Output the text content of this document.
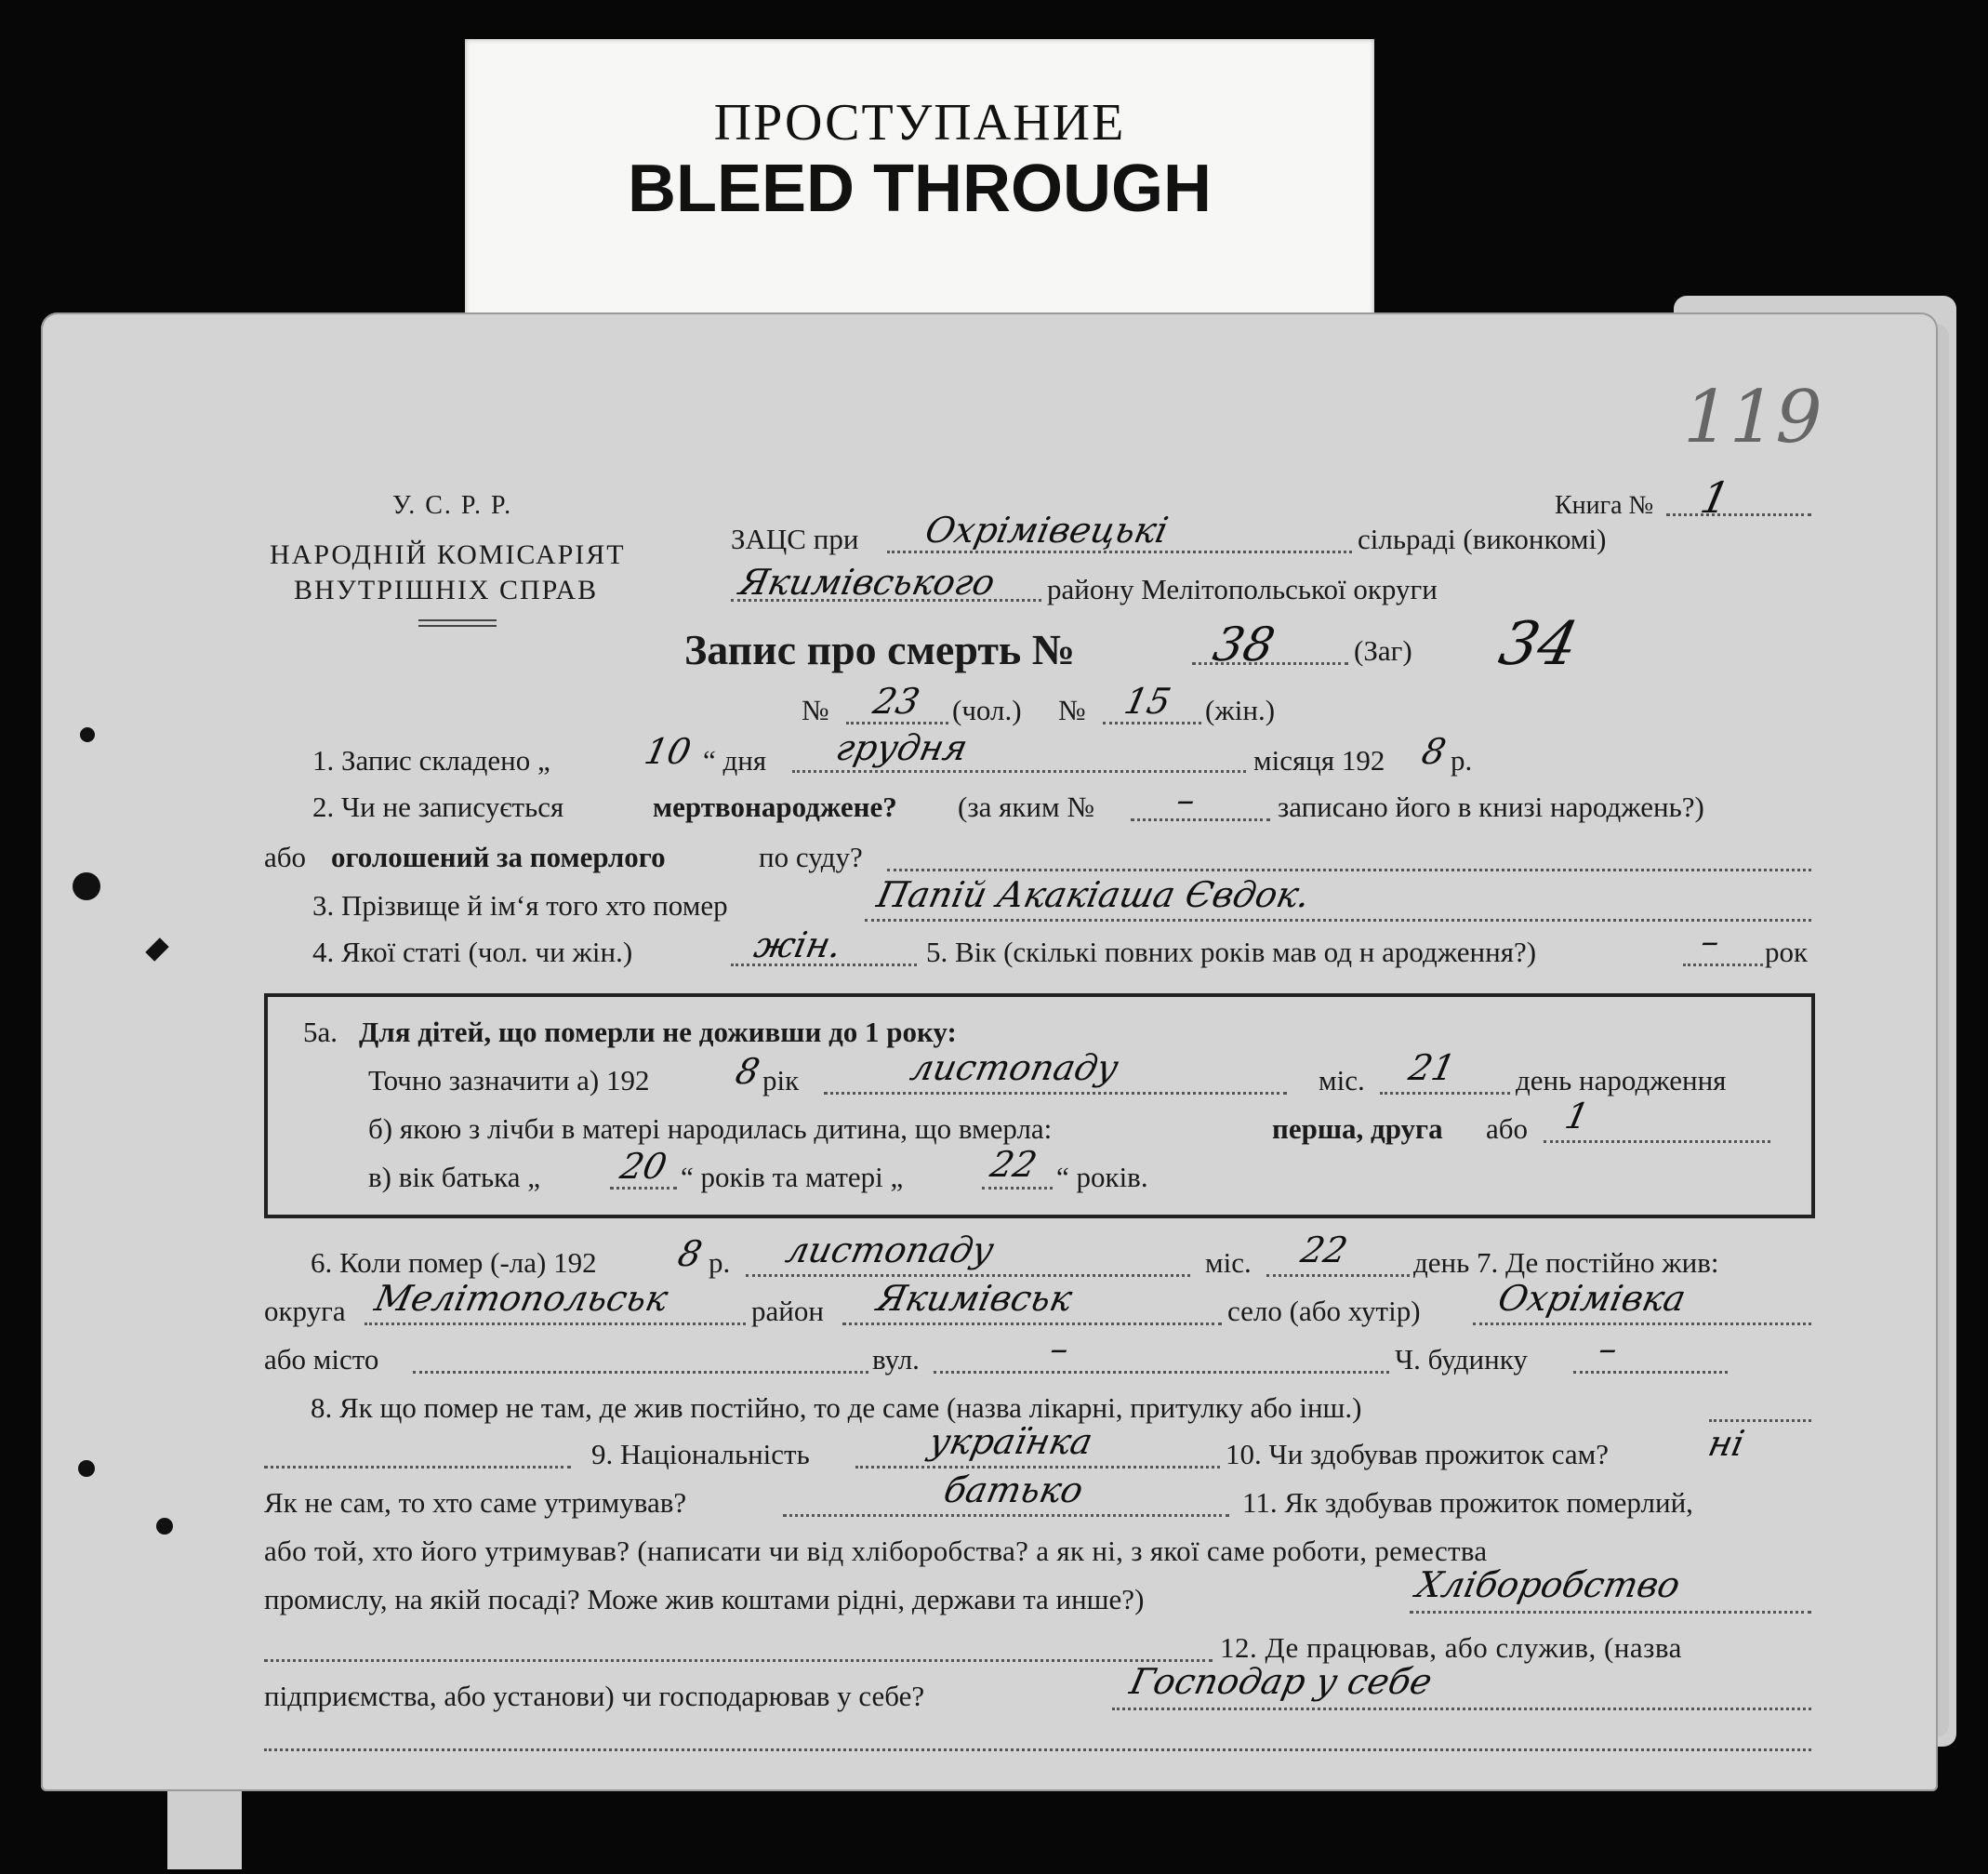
ПРОСТУПАНИЕ
BLEED THROUGH
119
У. С. Р. Р.
НАРОДНІЙ КОМІСАРІЯТ
ВНУТРІШНІХ СПРАВ
Книга № 1
ЗАЦС при Охрімівецькі	сільраді (виконкомі)
Якимівського району Мелітопольської округи
Запис про смерть №	38	(Заг) 34
№ 23 (чол.) № 15 (жін.)
1. Запис складено „	10 “ дня грудня	місяця 192 8 р.
2. Чи не записується	мертвонароджене? (за яким № –	записано його в книзі народжень?)
або оголошений за померлого	по суду?
3. Прізвище й ім‘я того хто помер	Папій Акакіаша Євдок.
4. Якої статі (чол. чи жін.)	жін.	5. Вік (скількі повних років мав од н ародження?)	– рок
5а. Для дітей, що померли не доживши до 1 року:
Точно зазначити а) 192 8 рік	листопаду	міс. 21 день народження
б) якою з лічби в матері народилась дитина, що вмерла:	перша, друга або 1
в) вік батька „ 20 “ років та матері „ 22 “ років.
6. Коли помер (-ла) 192 8 р. листопаду	міс. 22 день 7. Де постійно жив:
округа Мелітопольськ	район Якимівськ	село (або хутір) Охрімівка
або місто	вул.	–	Ч. будинку –
8. Як що помер не там, де жив постійно, то де саме (назва лікарні, притулку або інш.)
9. Національність	українка	10. Чи здобував прожиток сам?	ні
Як не сам, то хто саме утримував?	батько	11. Як здобував прожиток померлий,
або той, хто його утримував? (написати чи від хліборобства? а як ні, з якої саме роботи, ремества
промислу, на якій посаді? Може жив коштами рідні, держави та инше?)	Хліборобство
12. Де працював, або служив, (назва
підприємства, або установи) чи господарював у себе?	Господар у себе
